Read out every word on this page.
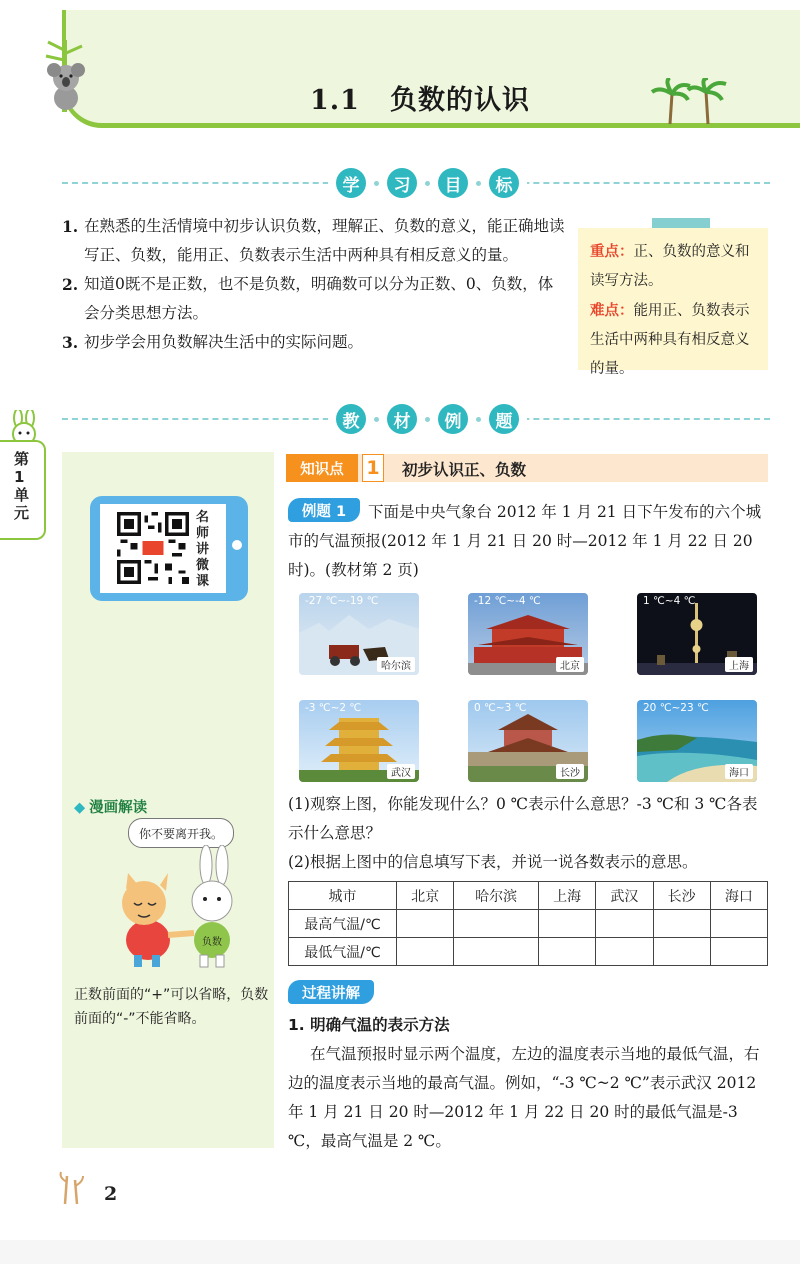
1.1 负数的认识
学	习	目	标
1. 在熟悉的生活情境中初步认识负数，理解正、负数的意义，能正确地读写正、负数，能用正、负数表示生活中两种具有相反意义的量。
2. 知道0既不是正数，也不是负数，明确数可以分为正数、0、负数，体会分类思想方法。
3. 初步学会用负数解决生活中的实际问题。
重点：正、负数的意义和读写方法。
难点：能用正、负数表示生活中两种具有相反意义的量。
教	材	例	题
第1单元	名师讲微课
◆ 漫画解读
你不要离开我。
负数
正数前面的“+”可以省略，负数前面的“-”不能省略。
知识点	1 初步认识正、负数
下面是中央气象台 2012 年 1 月 21 日下午发布的六个城市的气温预报(2012 年 1 月 21 日 20 时—2012 年 1 月 22 日 20 时)。(教材第 2 页)
例题 1
-27 ℃~-19 ℃
哈尔滨
-12 ℃~-4 ℃
北京
1 ℃~4 ℃
上海
-3 ℃~2 ℃
武汉
0 ℃~3 ℃
长沙
20 ℃~23 ℃
海口
(1)观察上图，你能发现什么？0 ℃表示什么意思？-3 ℃和 3 ℃各表示什么意思？
(2)根据上图中的信息填写下表，并说一说各数表示的意思。
城市	北京	哈尔滨	上海	武汉	长沙	海口
最高气温/℃						
最低气温/℃						
过程讲解
1. 明确气温的表示方法
在气温预报时显示两个温度，左边的温度表示当地的最低气温，右边的温度表示当地的最高气温。例如，“-3 ℃~2 ℃”表示武汉 2012 年 1 月 21 日 20 时—2012 年 1 月 22 日 20 时的最低气温是-3 ℃，最高气温是 2 ℃。
2
